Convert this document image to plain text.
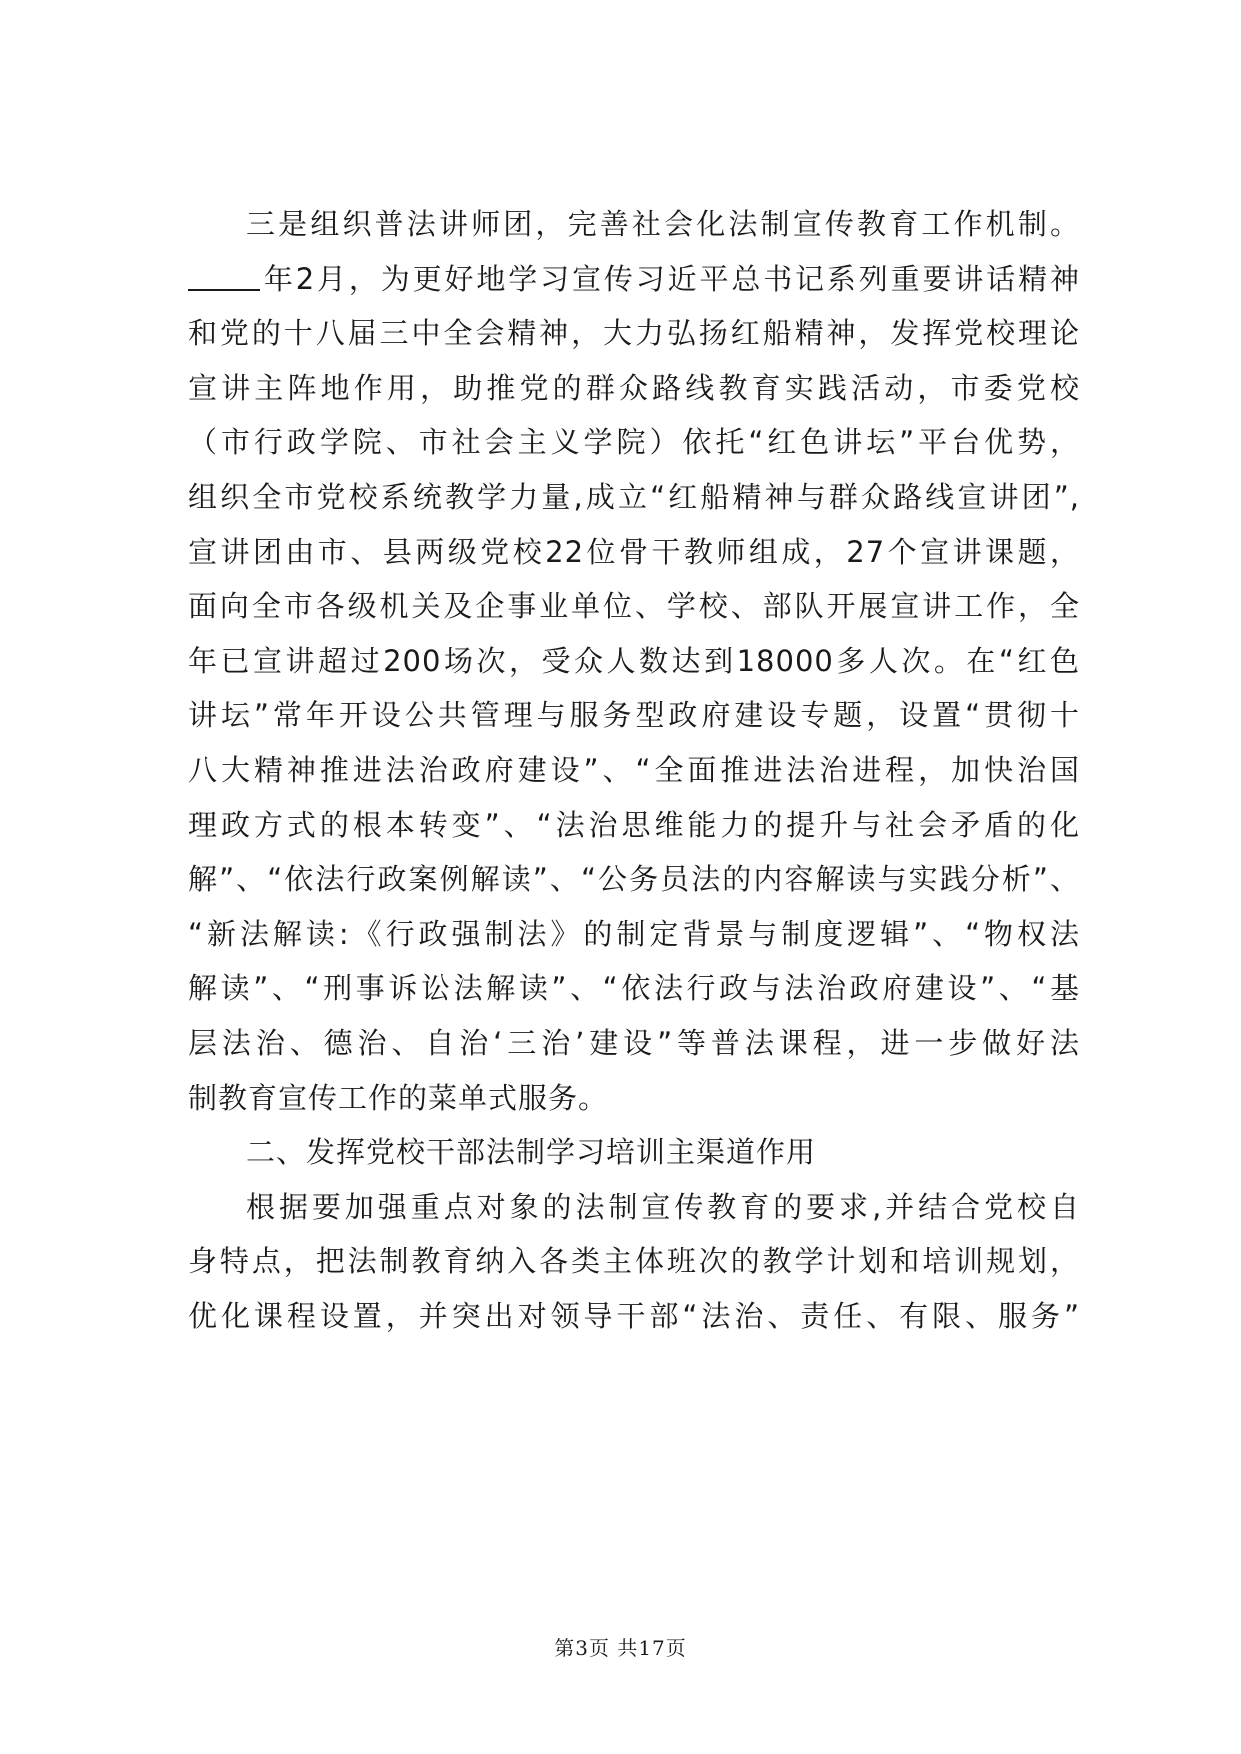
三是组织普法讲师团，完善社会化法制宣传教育工作机制。
年2月，为更好地学习宣传习近平总书记系列重要讲话精神
和党的十八届三中全会精神，大力弘扬红船精神，发挥党校理论
宣讲主阵地作用，助推党的群众路线教育实践活动，市委党校
（市行政学院、市社会主义学院）依托“红色讲坛”平台优势，
组织全市党校系统教学力量,成立“红船精神与群众路线宣讲团”,
宣讲团由市、县两级党校22位骨干教师组成，27个宣讲课题，
面向全市各级机关及企事业单位、学校、部队开展宣讲工作，全
年已宣讲超过200场次，受众人数达到18000多人次。在“红色
讲坛”常年开设公共管理与服务型政府建设专题，设置“贯彻十
八大精神推进法治政府建设”、“全面推进法治进程，加快治国
理政方式的根本转变”、“法治思维能力的提升与社会矛盾的化
解”、“依法行政案例解读”、“公务员法的内容解读与实践分析”、
“新法解读:《行政强制法》的制定背景与制度逻辑”、“物权法
解读”、“刑事诉讼法解读”、“依法行政与法治政府建设”、“基
层法治、德治、自治‘三治’建设”等普法课程，进一步做好法
制教育宣传工作的菜单式服务。
二、发挥党校干部法制学习培训主渠道作用
根据要加强重点对象的法制宣传教育的要求,并结合党校自
身特点，把法制教育纳入各类主体班次的教学计划和培训规划，
优化课程设置，并突出对领导干部“法治、责任、有限、服务”
第3页 共17页
